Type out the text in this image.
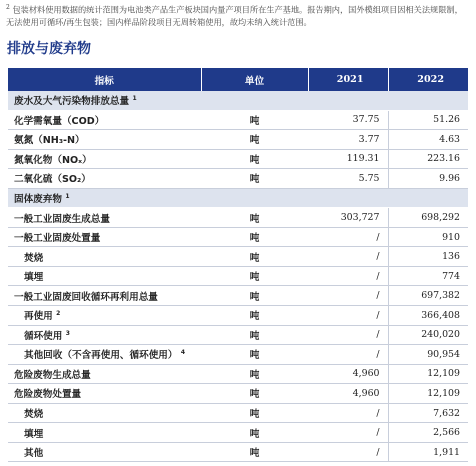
$^2$ 包装材料使用数据的统计范围为电池类产品生产板块国内量产项目所在生产基地。报告期内，国外模组项目因相关法规限制，无法使用可循环/再生包装；国内样品阶段项目无周转箱使用，故均未纳入统计范围。
排放与废弃物
指标	单位	2021	2022
废水及大气污染物排放总量 $^1$
化学需氧量（COD）	吨	37.75	51.26
氨氮（NH₃-N）	吨	3.77	4.63
氮氧化物（NOₓ）	吨	119.31	223.16
二氧化硫（SO₂）	吨	5.75	9.96
固体废弃物 $^1$
一般工业固废生成总量	吨	303,727	698,292
一般工业固废处置量	吨	/	910
焚烧	吨	/	136
填埋	吨	/	774
一般工业固废回收循环再利用总量	吨	/	697,382
再使用 $^2$	吨	/	366,408
循环使用 $^3$	吨	/	240,020
其他回收（不含再使用、循环使用） $^4$	吨	/	90,954
危险废物生成总量	吨	4,960	12,109
危险废物处置量	吨	4,960	12,109
焚烧	吨	/	7,632
填埋	吨	/	2,566
其他	吨	/	1,911
